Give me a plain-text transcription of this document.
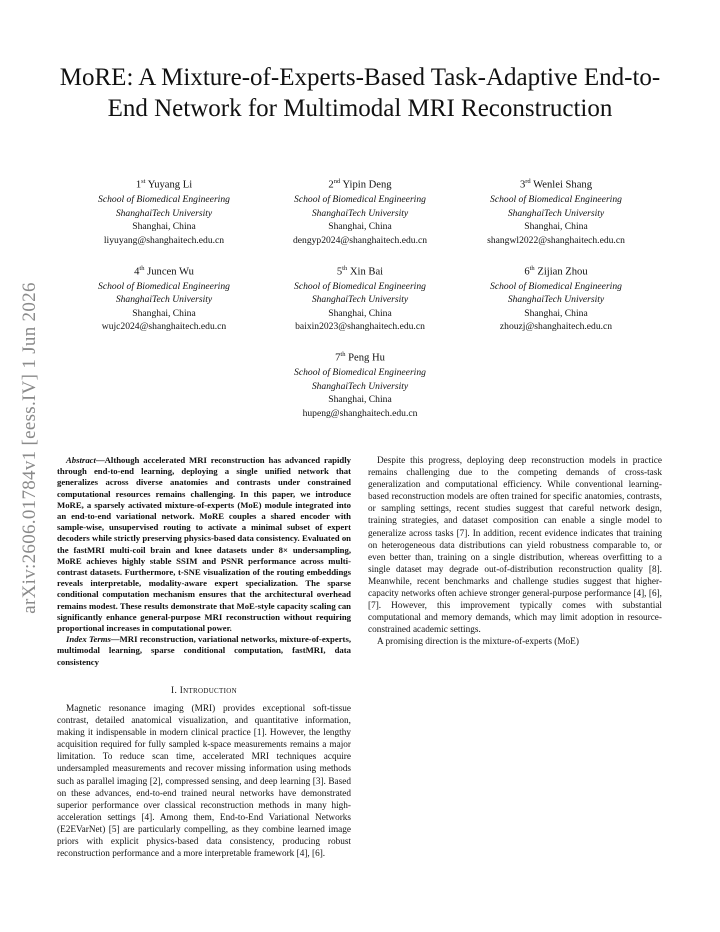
arXiv:2606.01784v1 [eess.IV] 1 Jun 2026
MoRE: A Mixture-of-Experts-Based Task-Adaptive End-to-End Network for Multimodal MRI Reconstruction
1st Yuyang Li
School of Biomedical Engineering
ShanghaiTech University
Shanghai, China
liyuyang@shanghaitech.edu.cn
2nd Yipin Deng
School of Biomedical Engineering
ShanghaiTech University
Shanghai, China
dengyp2024@shanghaitech.edu.cn
3rd Wenlei Shang
School of Biomedical Engineering
ShanghaiTech University
Shanghai, China
shangwl2022@shanghaitech.edu.cn
4th Juncen Wu
School of Biomedical Engineering
ShanghaiTech University
Shanghai, China
wujc2024@shanghaitech.edu.cn
5th Xin Bai
School of Biomedical Engineering
ShanghaiTech University
Shanghai, China
baixin2023@shanghaitech.edu.cn
6th Zijian Zhou
School of Biomedical Engineering
ShanghaiTech University
Shanghai, China
zhouzj@shanghaitech.edu.cn
7th Peng Hu
School of Biomedical Engineering
ShanghaiTech University
Shanghai, China
hupeng@shanghaitech.edu.cn

Abstract—Although accelerated MRI reconstruction has advanced rapidly through end-to-end learning, deploying a single unified network that generalizes across diverse anatomies and contrasts under constrained computational resources remains challenging. In this paper, we introduce MoRE, a sparsely activated mixture-of-experts (MoE) module integrated into an end-to-end variational network. MoRE couples a shared encoder with sample-wise, unsupervised routing to activate a minimal subset of expert decoders while strictly preserving physics-based data consistency. Evaluated on the fastMRI multi-coil brain and knee datasets under 8× undersampling, MoRE achieves highly stable SSIM and PSNR performance across multi-contrast datasets. Furthermore, t-SNE visualization of the routing embeddings reveals interpretable, modality-aware expert specialization. The sparse conditional computation mechanism ensures that the architectural overhead remains modest. These results demonstrate that MoE-style capacity scaling can significantly enhance general-purpose MRI reconstruction without requiring proportional increases in computational power.

Index Terms—MRI reconstruction, variational networks, mixture-of-experts, multimodal learning, sparse conditional computation, fastMRI, data consistency

I. Introduction

Magnetic resonance imaging (MRI) provides exceptional soft-tissue contrast, detailed anatomical visualization, and quantitative information, making it indispensable in modern clinical practice [1]. However, the lengthy acquisition required for fully sampled k-space measurements remains a major limitation. To reduce scan time, accelerated MRI techniques acquire undersampled measurements and recover missing information using methods such as parallel imaging [2], compressed sensing, and deep learning [3]. Based on these advances, end-to-end trained neural networks have demonstrated superior performance over classical reconstruction methods in many high-acceleration settings [4]. Among them, End-to-End Variational Networks (E2EVarNet) [5] are particularly compelling, as they combine learned image priors with explicit physics-based data consistency, producing robust reconstruction performance and a more interpretable framework [4], [6].

Despite this progress, deploying deep reconstruction models in practice remains challenging due to the competing demands of cross-task generalization and computational efficiency. While conventional learning-based reconstruction models are often trained for specific anatomies, contrasts, or sampling settings, recent studies suggest that careful network design, training strategies, and dataset composition can enable a single model to generalize across tasks [7]. In addition, recent evidence indicates that training on heterogeneous data distributions can yield robustness comparable to, or even better than, training on a single distribution, whereas overfitting to a single dataset may degrade out-of-distribution reconstruction quality [8]. Meanwhile, recent benchmarks and challenge studies suggest that higher-capacity networks often achieve stronger general-purpose performance [4], [6], [7]. However, this improvement typically comes with substantial computational and memory demands, which may limit adoption in resource-constrained academic settings.

A promising direction is the mixture-of-experts (MoE)
